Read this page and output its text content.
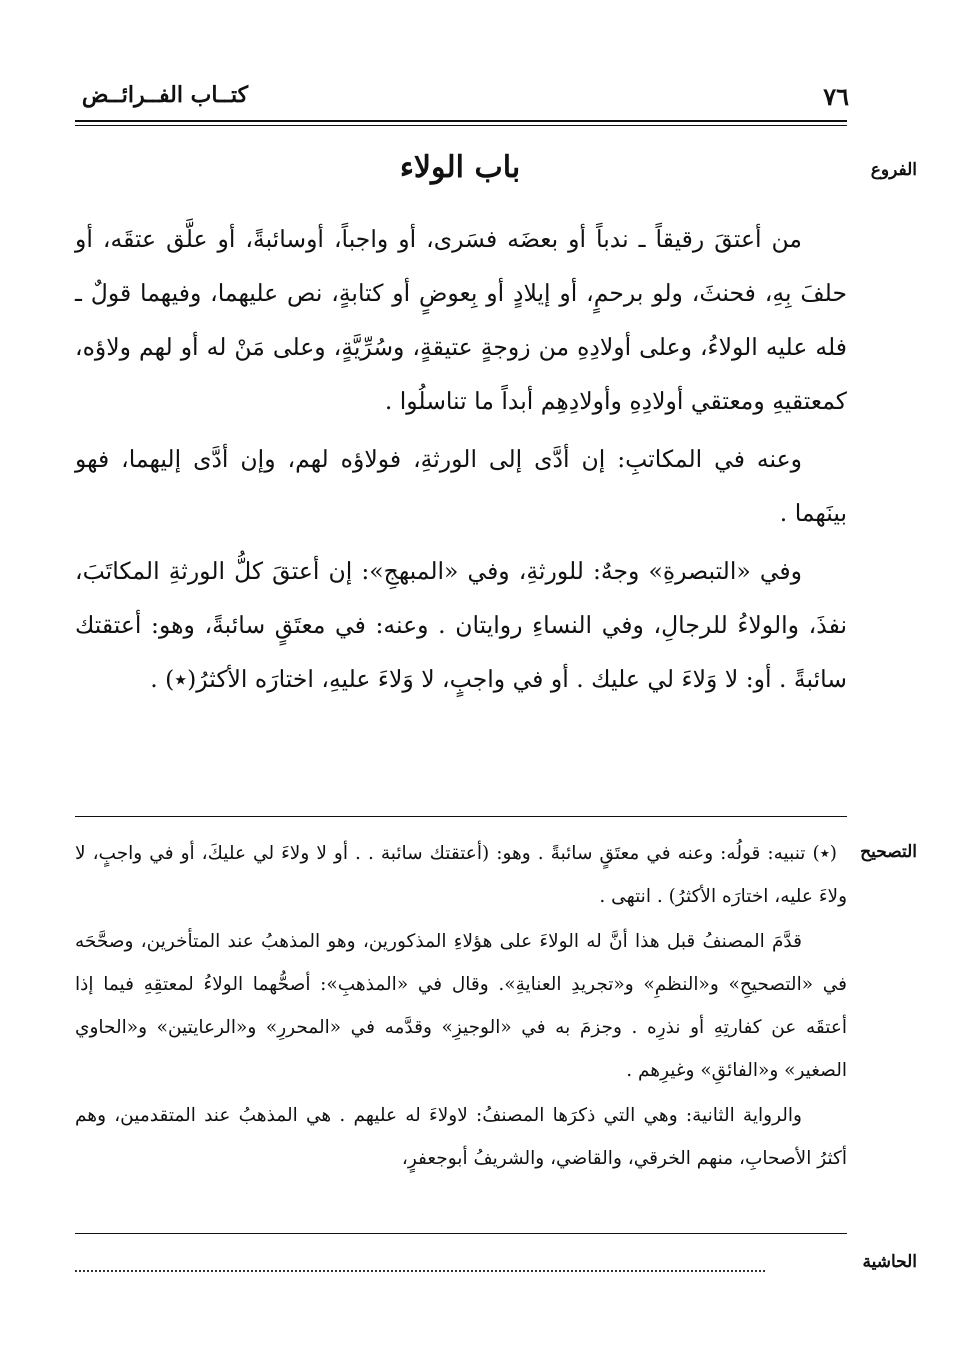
كتــاب الفــرائــض	٧٦
الفروع
باب الولاء

من أعتقَ رقيقاً ـ ندباً أو بعضَه فسَرى، أو واجباً، أوسائبةً، أو علَّق عتقَه، أو حلفَ بِهِ، فحنثَ، ولو برحمٍ، أو إيلادٍ أو بِعوضٍ أو كتابةٍ، نص عليهما، وفيهما قولٌ ـ فله عليه الولاءُ، وعلى أولادِهِ من زوجةٍ عتيقةٍ، وسُرِّيَّةٍ، وعلى مَنْ له أو لهم ولاؤه، كمعتقيهِ ومعتقي أولادِهِ وأولادِهِم أبداً ما تناسلُوا .

وعنه في المكاتبِ: إن أدَّى إلى الورثةِ، فولاؤه لهم، وإن أدَّى إليهما، فهو بينَهما .

وفي «التبصرةِ» وجهٌ: للورثةِ، وفي «المبهجِ»: إن أعتقَ كلُّ الورثةِ المكاتَبَ، نفذَ، والولاءُ للرجالِ، وفي النساءِ روايتان . وعنه: في معتَقٍ سائبةً، وهو: أعتقتك سائبةً . أو: لا وَلاءَ لي عليك . أو في واجبٍ، لا وَلاءَ عليهِ، اختارَه الأكثرُ(٭) .

التصحيح

(٭) تنبيه: قولُه: وعنه في معتَقٍ سائبةً . وهو: (أعتقتك سائبة . . أو لا ولاءَ لي عليكَ، أو في واجبٍ، لا ولاءَ عليه، اختارَه الأكثرُ) . انتهى .

قدَّمَ المصنفُ قبل هذا أنَّ له الولاءَ على هؤلاءِ المذكورين، وهو المذهبُ عند المتأخرين، وصحَّحَه في «التصحيحِ» و«النظمِ» و«تجريدِ العنايةِ». وقال في «المذهبِ»: أصحُّهما الولاءُ لمعتقِهِ فيما إذا أعتقَه عن كفارتِهِ أو نذرِه . وجزمَ به في «الوجيزِ» وقدَّمه في «المحررِ» و«الرعايتين» و«الحاوي الصغير» و«الفائقِ» وغيرِهم .

والرواية الثانية: وهي التي ذكرَها المصنفُ: لاولاءَ له عليهم . هي المذهبُ عند المتقدمين، وهم أكثرُ الأصحابِ، منهم الخرقي، والقاضي، والشريفُ أبوجعفرٍ،

الحاشية
